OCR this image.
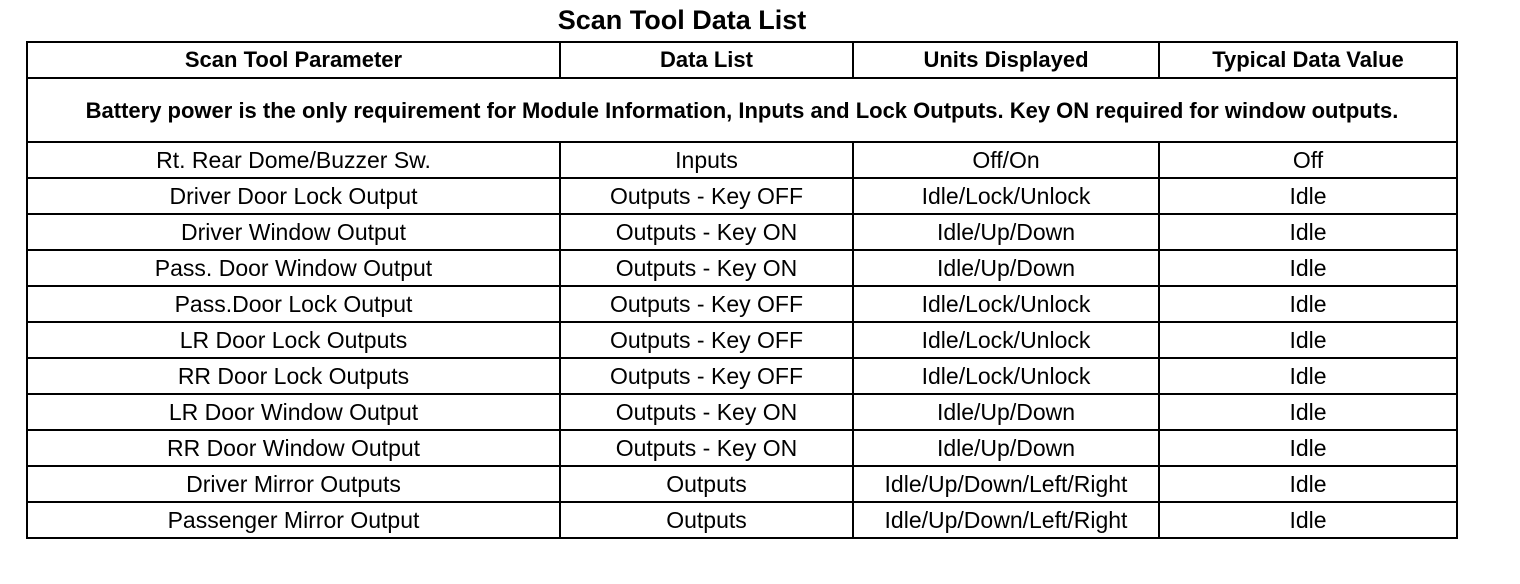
Scan Tool Data List
Scan Tool Parameter	Data List	Units Displayed	Typical Data Value
Battery power is the only requirement for Module Information, Inputs and Lock Outputs. Key ON required for window outputs.			
Rt. Rear Dome/Buzzer Sw.	Inputs	Off/On	Off
Driver Door Lock Output	Outputs - Key OFF	Idle/Lock/Unlock	Idle
Driver Window Output	Outputs - Key ON	Idle/Up/Down	Idle
Pass. Door Window Output	Outputs - Key ON	Idle/Up/Down	Idle
Pass.Door Lock Output	Outputs - Key OFF	Idle/Lock/Unlock	Idle
LR Door Lock Outputs	Outputs - Key OFF	Idle/Lock/Unlock	Idle
RR Door Lock Outputs	Outputs - Key OFF	Idle/Lock/Unlock	Idle
LR Door Window Output	Outputs - Key ON	Idle/Up/Down	Idle
RR Door Window Output	Outputs - Key ON	Idle/Up/Down	Idle
Driver Mirror Outputs	Outputs	Idle/Up/Down/Left/Right	Idle
Passenger Mirror Output	Outputs	Idle/Up/Down/Left/Right	Idle
